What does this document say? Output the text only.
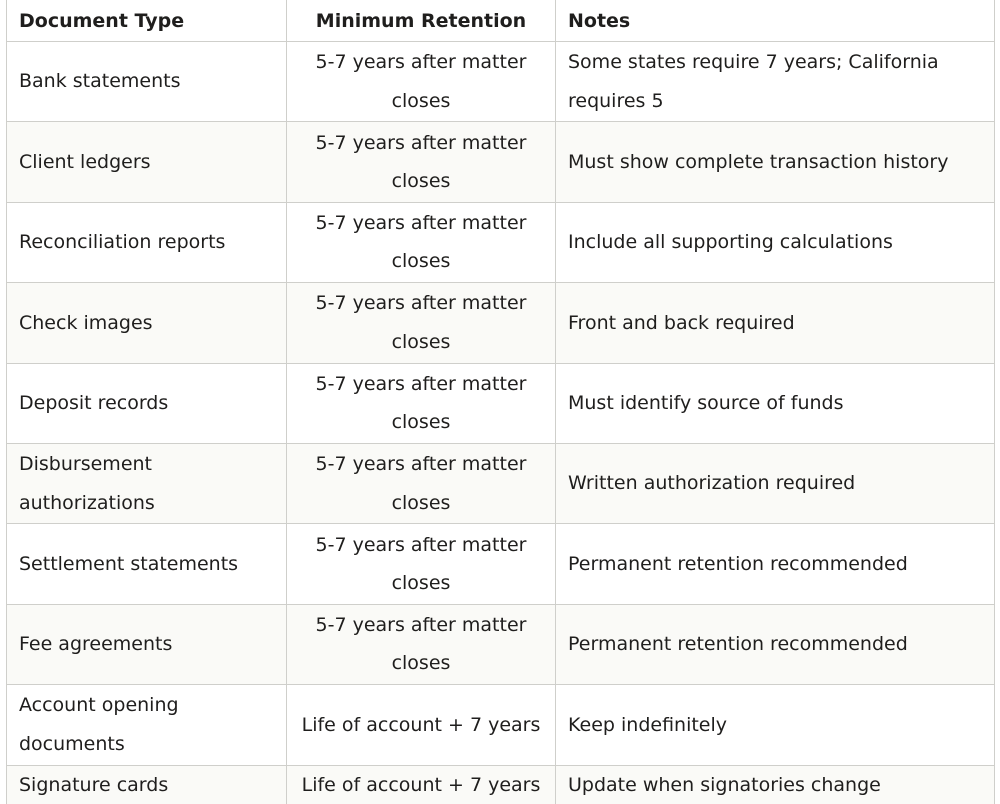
Document Type	Minimum Retention	Notes
Bank statements	5-7 years after matter closes	Some states require 7 years; California requires 5
Client ledgers	5-7 years after matter closes	Must show complete transaction history
Reconciliation reports	5-7 years after matter closes	Include all supporting calculations
Check images	5-7 years after matter closes	Front and back required
Deposit records	5-7 years after matter closes	Must identify source of funds
Disbursement authorizations	5-7 years after matter closes	Written authorization required
Settlement statements	5-7 years after matter closes	Permanent retention recommended
Fee agreements	5-7 years after matter closes	Permanent retention recommended
Account opening documents	Life of account + 7 years	Keep indefinitely
Signature cards	Life of account + 7 years	Update when signatories change
